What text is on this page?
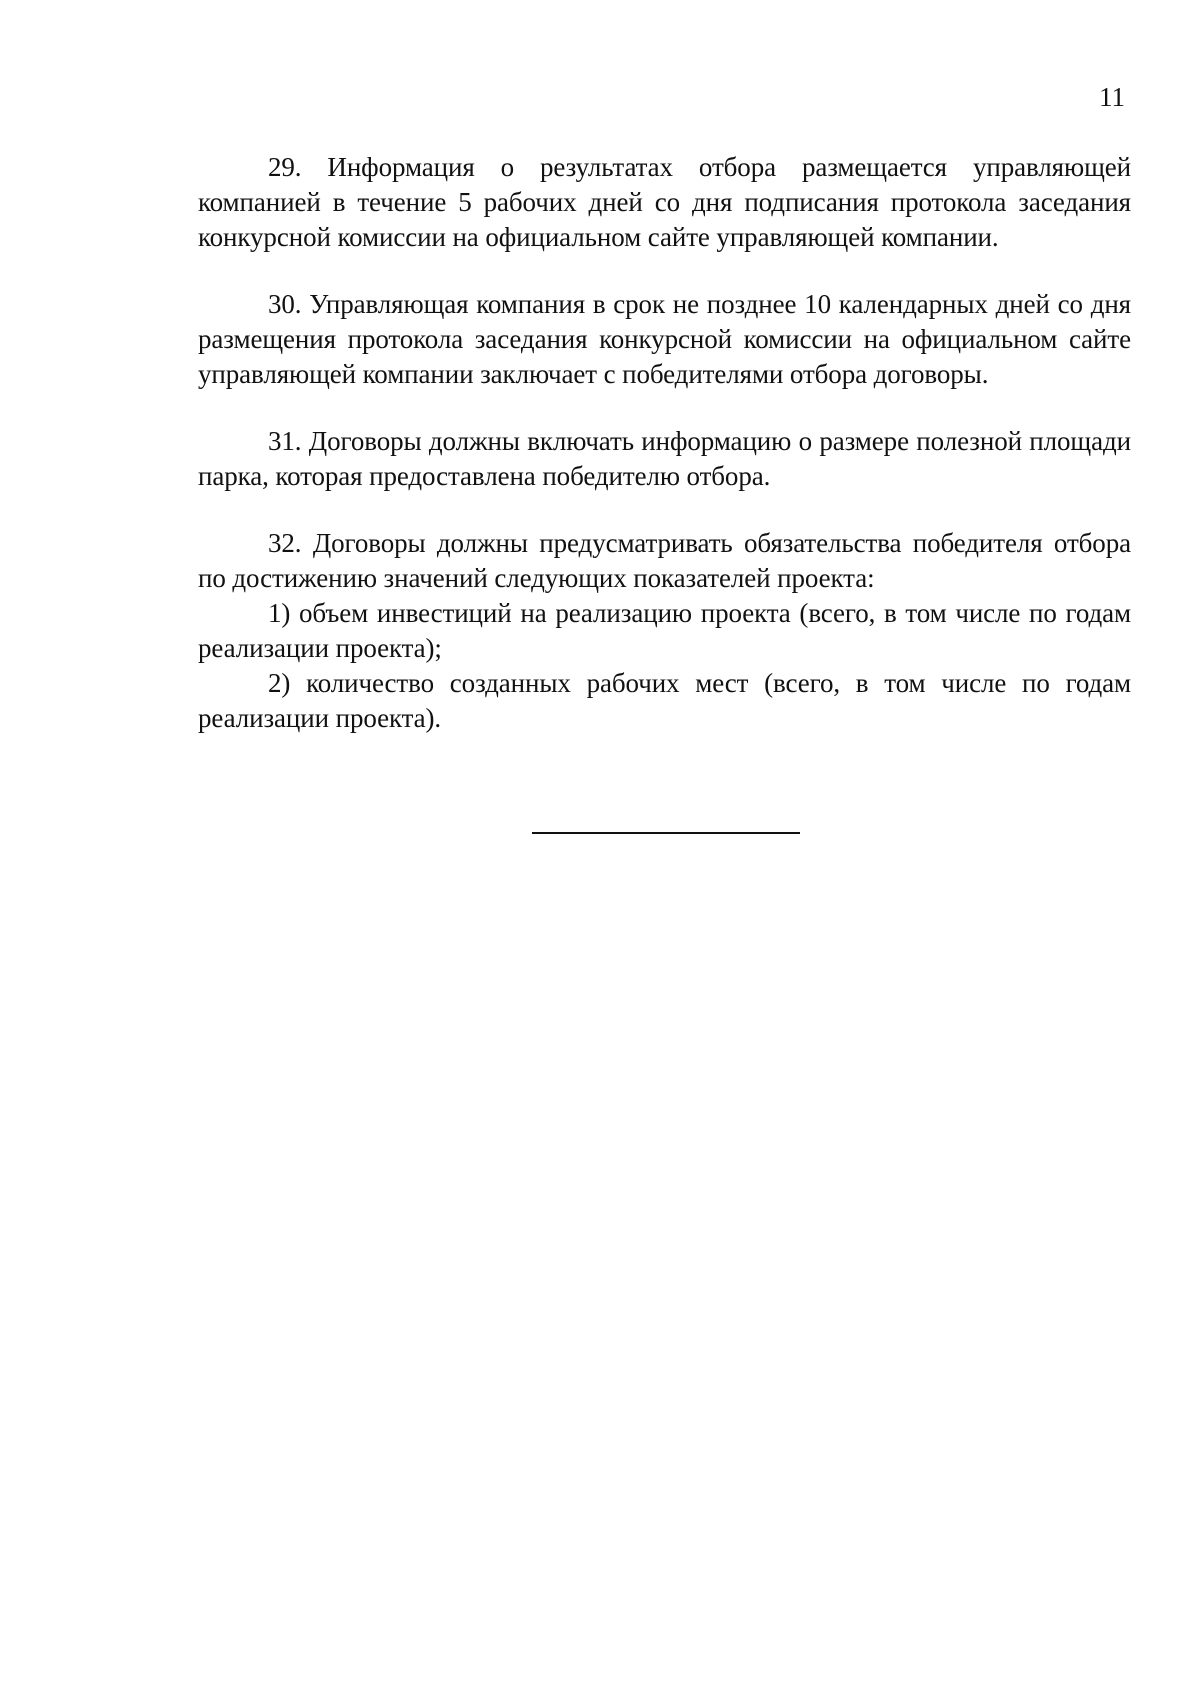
11

29. Информация о результатах отбора размещается управляющей компанией в течение 5 рабочих дней со дня подписания протокола заседания конкурсной комиссии на официальном сайте управляющей компании.

30. Управляющая компания в срок не позднее 10 календарных дней со дня размещения протокола заседания конкурсной комиссии на официальном сайте управляющей компании заключает с победителями отбора договоры.

31. Договоры должны включать информацию о размере полезной площади парка, которая предоставлена победителю отбора.

32. Договоры должны предусматривать обязательства победителя отбора по достижению значений следующих показателей проекта:

1) объем инвестиций на реализацию проекта (всего, в том числе по годам реализации проекта);

2) количество созданных рабочих мест (всего, в том числе по годам реализации проекта).
